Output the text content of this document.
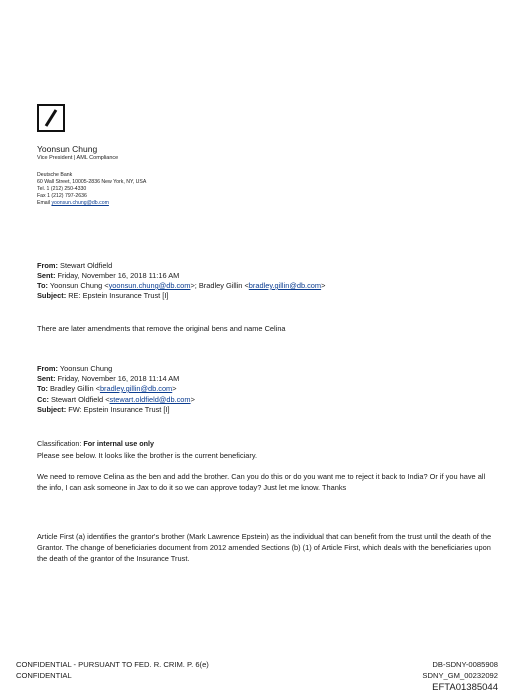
Yoonsun Chung
Vice President | AML Compliance
Deutsche Bank
60 Wall Street, 10005-2836 New York, NY, USA
Tel. 1 (212) 250-4330
Fax 1 (212) 797-2636
Email yoonsun.chung@db.com
From: Stewart Oldfield
Sent: Friday, November 16, 2018 11:16 AM
To: Yoonsun Chung <yoonsun.chung@db.com>; Bradley Gillin <bradley.gillin@db.com>
Subject: RE: Epstein Insurance Trust [I]
There are later amendments that remove the original bens and name Celina
From: Yoonsun Chung
Sent: Friday, November 16, 2018 11:14 AM
To: Bradley Gillin <bradley.gillin@db.com>
Cc: Stewart Oldfield <stewart.oldfield@db.com>
Subject: FW: Epstein Insurance Trust [I]
Classification: For internal use only
Please see below. It looks like the brother is the current beneficiary.
We need to remove Celina as the ben and add the brother. Can you do this or do you want me to reject it back to India? Or if you have all the info, I can ask someone in Jax to do it so we can approve today? Just let me know. Thanks
Article First (a) identifies the grantor's brother (Mark Lawrence Epstein) as the individual that can benefit from the trust until the death of the Grantor. The change of beneficiaries document from 2012 amended Sections (b) (1) of Article First, which deals with the beneficiaries upon the death of the grantor of the Insurance Trust.
CONFIDENTIAL - PURSUANT TO FED. R. CRIM. P. 6(e)
CONFIDENTIAL
DB-SDNY-0085908
SDNY_GM_00232092
EFTA01385044
